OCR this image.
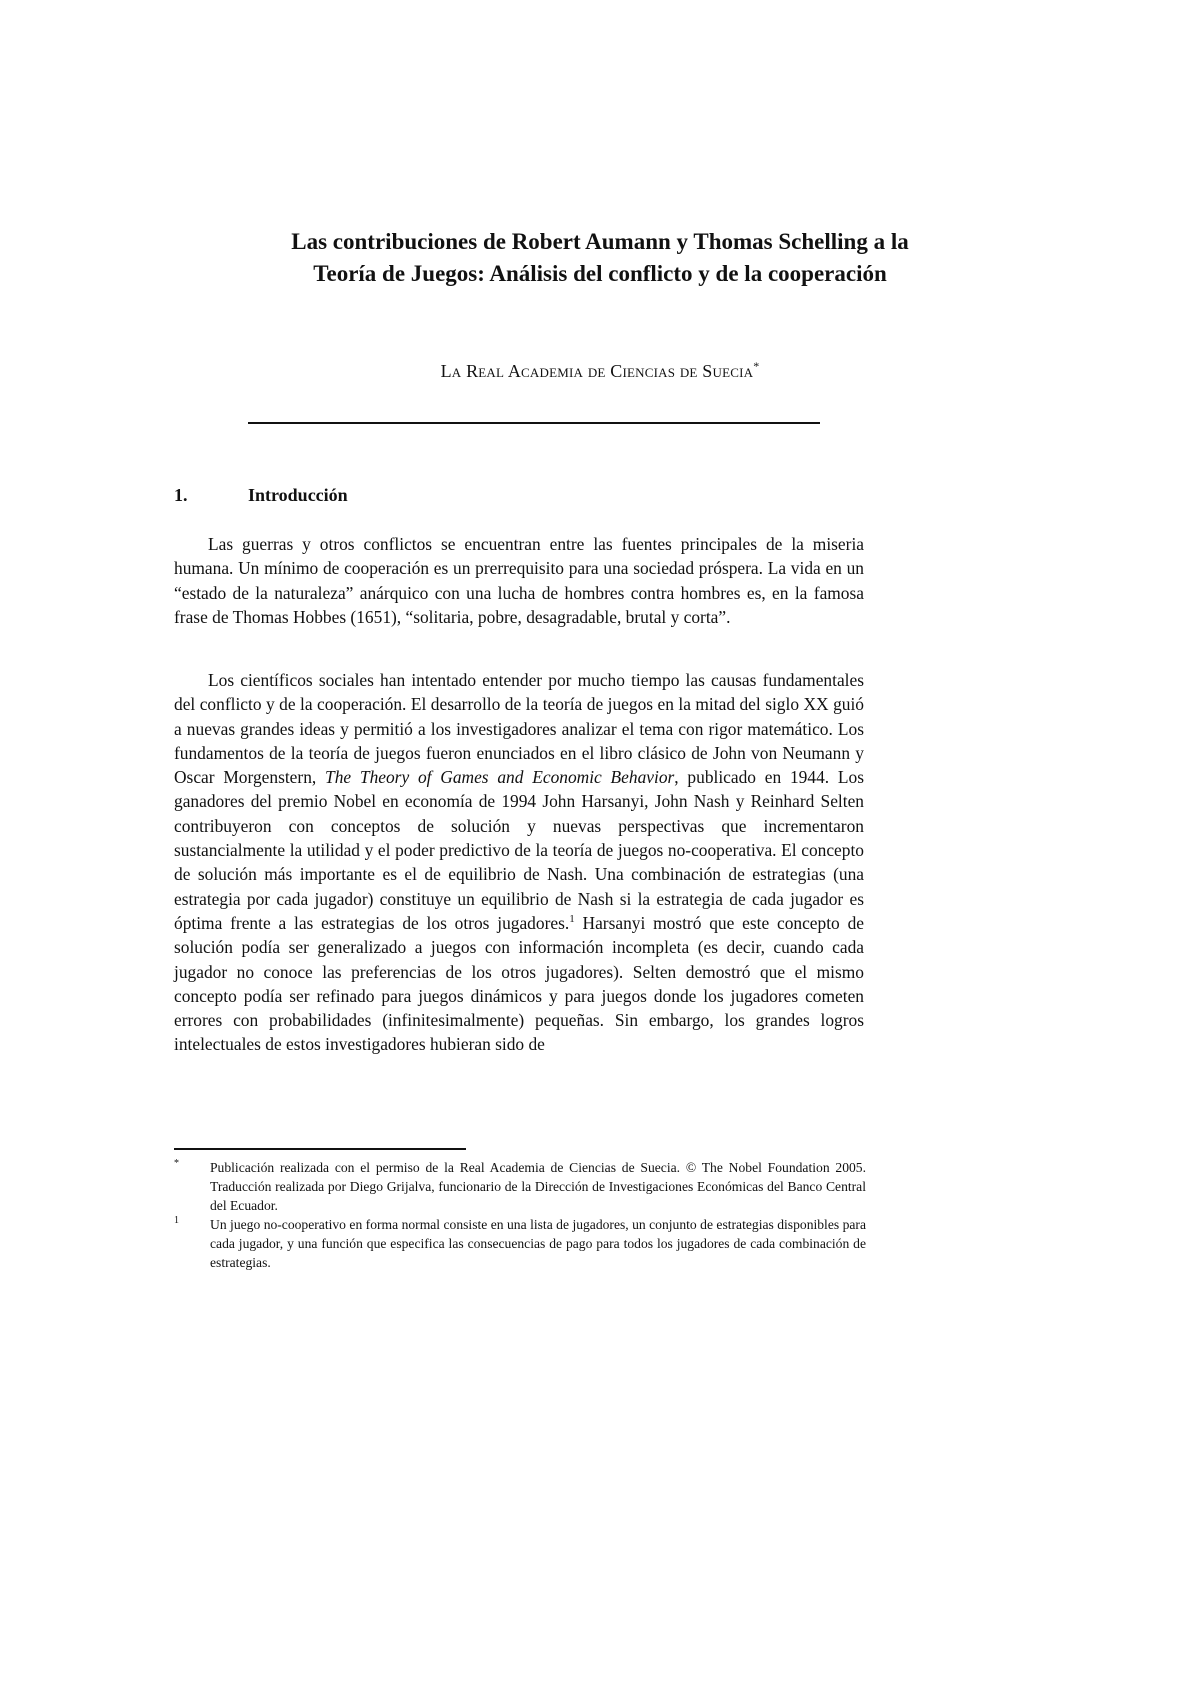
Las contribuciones de Robert Aumann y Thomas Schelling a la
Teoría de Juegos: Análisis del conflicto y de la cooperación
La Real Academia de Ciencias de Suecia*
1.	Introducción

Las guerras y otros conflictos se encuentran entre las fuentes principales de la miseria humana. Un mínimo de cooperación es un prerrequisito para una sociedad próspera. La vida en un “estado de la naturaleza” anárquico con una lucha de hombres contra hombres es, en la famosa frase de Thomas Hobbes (1651), “solitaria, pobre, desagradable, brutal y corta”.

Los científicos sociales han intentado entender por mucho tiempo las causas fundamentales del conflicto y de la cooperación. El desarrollo de la teoría de juegos en la mitad del siglo XX guió a nuevas grandes ideas y permitió a los investigadores analizar el tema con rigor matemático. Los fundamentos de la teoría de juegos fueron enunciados en el libro clásico de John von Neumann y Oscar Morgenstern, The Theory of Games and Economic Behavior, publicado en 1944. Los ganadores del premio Nobel en economía de 1994 John Harsanyi, John Nash y Reinhard Selten contribuyeron con conceptos de solución y nuevas perspectivas que incrementaron sustancialmente la utilidad y el poder predictivo de la teoría de juegos no-cooperativa. El concepto de solución más importante es el de equilibrio de Nash. Una combinación de estrategias (una estrategia por cada jugador) constituye un equilibrio de Nash si la estrategia de cada jugador es óptima frente a las estrategias de los otros jugadores.$^1$ Harsanyi mostró que este concepto de solución podía ser generalizado a juegos con información incompleta (es decir, cuando cada jugador no conoce las preferencias de los otros jugadores). Selten demostró que el mismo concepto podía ser refinado para juegos dinámicos y para juegos donde los jugadores cometen errores con probabilidades (infinitesimalmente) pequeñas. Sin embargo, los grandes logros intelectuales de estos investigadores hubieran sido de

* Publicación realizada con el permiso de la Real Academia de Ciencias de Suecia. © The Nobel Foundation 2005. Traducción realizada por Diego Grijalva, funcionario de la Dirección de Investigaciones Económicas del Banco Central del Ecuador.
1 Un juego no-cooperativo en forma normal consiste en una lista de jugadores, un conjunto de estrategias disponibles para cada jugador, y una función que especifica las consecuencias de pago para todos los jugadores de cada combinación de estrategias.
